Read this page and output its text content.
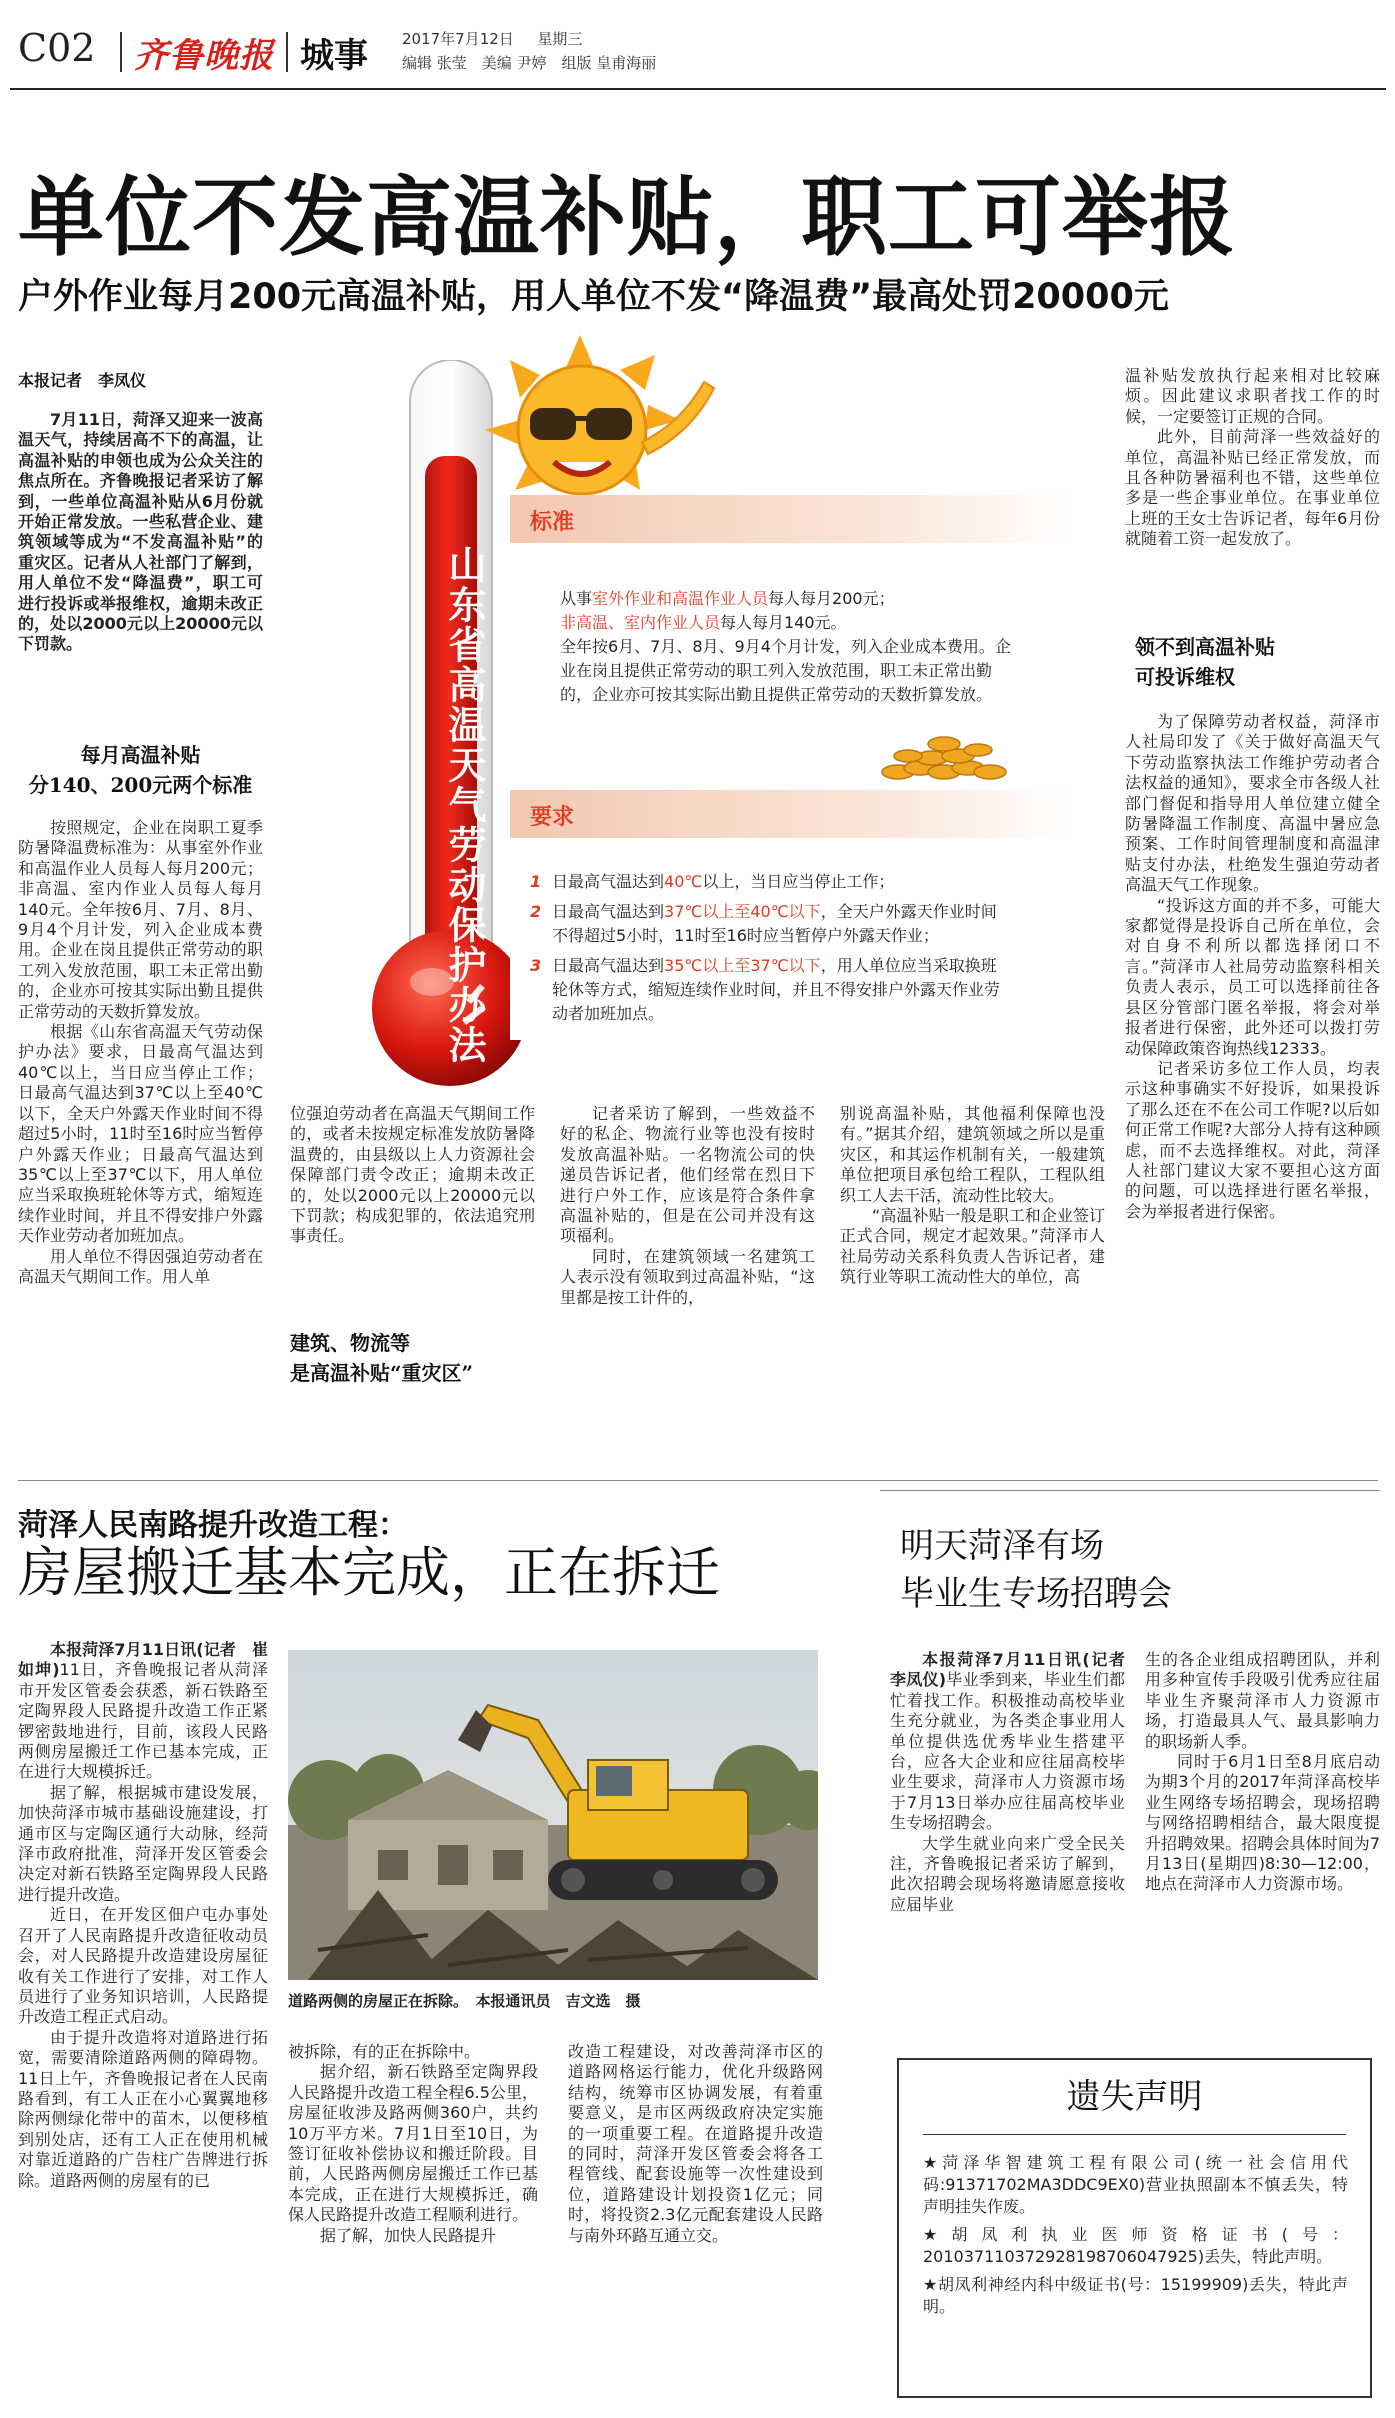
C02 齐鲁晚报 城事 2017年7月12日 星期三
编辑 张莹　美编 尹婷　组版 皇甫海丽
单位不发高温补贴，职工可举报
户外作业每月200元高温补贴，用人单位不发“降温费”最高处罚20000元
本报记者　李凤仪

7月11日，菏泽又迎来一波高温天气，持续居高不下的高温，让高温补贴的申领也成为公众关注的焦点所在。齐鲁晚报记者采访了解到，一些单位高温补贴从6月份就开始正常发放。一些私营企业、建筑领域等成为“不发高温补贴”的重灾区。记者从人社部门了解到，用人单位不发“降温费”，职工可进行投诉或举报维权，逾期未改正的，处以2000元以上20000元以下罚款。

每月高温补贴
分140、200元两个标准

按照规定，企业在岗职工夏季防暑降温费标准为：从事室外作业和高温作业人员每人每月200元；非高温、室内作业人员每人每月140元。全年按6月、7月、8月、9月4个月计发，列入企业成本费用。企业在岗且提供正常劳动的职工列入发放范围，职工未正常出勤的，企业亦可按其实际出勤且提供正常劳动的天数折算发放。

根据《山东省高温天气劳动保护办法》要求，日最高气温达到40℃以上，当日应当停止工作；日最高气温达到37℃以上至40℃以下，全天户外露天作业时间不得超过5小时，11时至16时应当暂停户外露天作业；日最高气温达到35℃以上至37℃以下，用人单位应当采取换班轮休等方式，缩短连续作业时间，并且不得安排户外露天作业劳动者加班加点。

用人单位不得因强迫劳动者在高温天气期间工作。用人单

山东省高温天气劳动保护办法
标准
从事室外作业和高温作业人员每人每月200元；
非高温、室内作业人员每人每月140元。
全年按6月、7月、8月、9月4个月计发，列入企业成本费用。企业在岗且提供正常劳动的职工列入发放范围，职工未正常出勤的，企业亦可按其实际出勤且提供正常劳动的天数折算发放。
要求
1 日最高气温达到40℃以上，当日应当停止工作；
2 日最高气温达到37℃以上至40℃以下，全天户外露天作业时间不得超过5小时，11时至16时应当暂停户外露天作业；
3 日最高气温达到35℃以上至37℃以下，用人单位应当采取换班轮休等方式，缩短连续作业时间，并且不得安排户外露天作业劳动者加班加点。

位强迫劳动者在高温天气期间工作的，或者未按规定标准发放防暑降温费的，由县级以上人力资源社会保障部门责令改正；逾期未改正的，处以2000元以上20000元以下罚款；构成犯罪的，依法追究刑事责任。

建筑、物流等
是高温补贴“重灾区”

记者采访了解到，一些效益不好的私企、物流行业等也没有按时发放高温补贴。一名物流公司的快递员告诉记者，他们经常在烈日下进行户外工作，应该是符合条件拿高温补贴的，但是在公司并没有这项福利。

同时，在建筑领域一名建筑工人表示没有领取到过高温补贴，“这里都是按工计件的，

别说高温补贴，其他福利保障也没有。”据其介绍，建筑领域之所以是重灾区，和其运作机制有关，一般建筑单位把项目承包给工程队，工程队组织工人去干活，流动性比较大。

“高温补贴一般是职工和企业签订正式合同，规定才起效果。”菏泽市人社局劳动关系科负责人告诉记者，建筑行业等职工流动性大的单位，高

温补贴发放执行起来相对比较麻烦。因此建议求职者找工作的时候，一定要签订正规的合同。

此外，目前菏泽一些效益好的单位，高温补贴已经正常发放，而且各种防暑福利也不错，这些单位多是一些企事业单位。在事业单位上班的王女士告诉记者，每年6月份就随着工资一起发放了。

领不到高温补贴
可投诉维权

为了保障劳动者权益，菏泽市人社局印发了《关于做好高温天气下劳动监察执法工作维护劳动者合法权益的通知》，要求全市各级人社部门督促和指导用人单位建立健全防暑降温工作制度、高温中暑应急预案、工作时间管理制度和高温津贴支付办法，杜绝发生强迫劳动者高温天气工作现象。

“投诉这方面的并不多，可能大家都觉得是投诉自己所在单位，会对自身不利所以都选择闭口不言。”菏泽市人社局劳动监察科相关负责人表示，员工可以选择前往各县区分管部门匿名举报，将会对举报者进行保密，此外还可以拨打劳动保障政策咨询热线12333。

记者采访多位工作人员，均表示这种事确实不好投诉，如果投诉了那么还在不在公司工作呢?以后如何正常工作呢?大部分人持有这种顾虑，而不去选择维权。对此，菏泽人社部门建议大家不要担心这方面的问题，可以选择进行匿名举报，会为举报者进行保密。

菏泽人民南路提升改造工程：
房屋搬迁基本完成，正在拆迁

本报菏泽7月11日讯(记者　崔如坤)11日，齐鲁晚报记者从菏泽市开发区管委会获悉，新石铁路至定陶界段人民路提升改造工作正紧锣密鼓地进行，目前，该段人民路两侧房屋搬迁工作已基本完成，正在进行大规模拆迁。

据了解，根据城市建设发展，加快菏泽市城市基础设施建设，打通市区与定陶区通行大动脉，经菏泽市政府批准，菏泽开发区管委会决定对新石铁路至定陶界段人民路进行提升改造。

近日，在开发区佃户屯办事处召开了人民南路提升改造征收动员会，对人民路提升改造建设房屋征收有关工作进行了安排，对工作人员进行了业务知识培训，人民路提升改造工程正式启动。

由于提升改造将对道路进行拓宽，需要清除道路两侧的障碍物。11日上午，齐鲁晚报记者在人民南路看到，有工人正在小心翼翼地移除两侧绿化带中的苗木，以便移植到别处店，还有工人正在使用机械对靠近道路的广告柱广告牌进行拆除。道路两侧的房屋有的已

道路两侧的房屋正在拆除。　本报通讯员　吉文选　摄

被拆除，有的正在拆除中。

据介绍，新石铁路至定陶界段人民路提升改造工程全程6.5公里，房屋征收涉及路两侧360户，共约10万平方米。7月1日至10日，为签订征收补偿协议和搬迁阶段。目前，人民路两侧房屋搬迁工作已基本完成，正在进行大规模拆迁，确保人民路提升改造工程顺利进行。

据了解，加快人民路提升

改造工程建设，对改善菏泽市区的道路网格运行能力，优化升级路网结构，统筹市区协调发展，有着重要意义，是市区两级政府决定实施的一项重要工程。在道路提升改造的同时，菏泽开发区管委会将各工程管线、配套设施等一次性建设到位，道路建设计划投资1亿元；同时，将投资2.3亿元配套建设人民路与南外环路互通立交。

明天菏泽有场
毕业生专场招聘会

本报菏泽7月11日讯(记者　李凤仪)毕业季到来，毕业生们都忙着找工作。积极推动高校毕业生充分就业，为各类企事业用人单位提供选优秀毕业生搭建平台，应各大企业和应往届高校毕业生要求，菏泽市人力资源市场于7月13日举办应往届高校毕业生专场招聘会。

大学生就业向来广受全民关注，齐鲁晚报记者采访了解到，此次招聘会现场将邀请愿意接收应届毕业

生的各企业组成招聘团队，并利用多种宣传手段吸引优秀应往届毕业生齐聚菏泽市人力资源市场，打造最具人气、最具影响力的职场新人季。

同时于6月1日至8月底启动为期3个月的2017年菏泽高校毕业生网络专场招聘会，现场招聘与网络招聘相结合，最大限度提升招聘效果。招聘会具体时间为7月13日(星期四)8:30—12:00，地点在菏泽市人力资源市场。

遗失声明
★菏泽华智建筑工程有限公司(统一社会信用代码:91371702MA3DDC9EX0)营业执照副本不慎丢失，特声明挂失作废。
★胡凤利执业医师资格证书(号：201037110372928198706047925)丢失，特此声明。
★胡凤利神经内科中级证书(号：15199909)丢失，特此声明。
